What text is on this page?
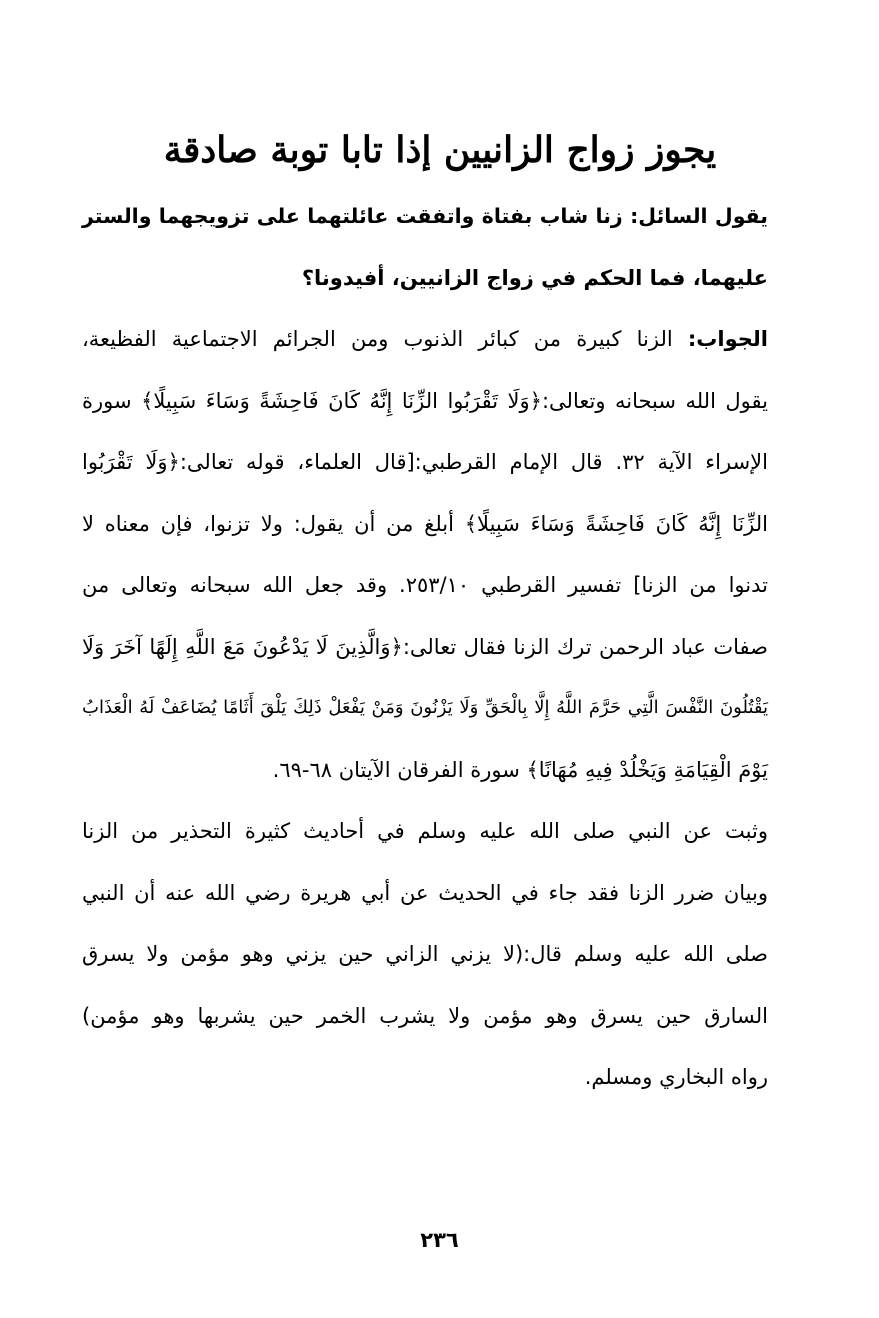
يجوز زواج الزانيين إذا تابا توبة صادقة
يقول السائل: زنا شاب بفتاة واتفقت عائلتهما على تزويجهما والستر
عليهما، فما الحكم في زواج الزانيين، أفيدونا؟
الجواب: الزنا كبيرة من كبائر الذنوب ومن الجرائم الاجتماعية الفظيعة،
يقول الله سبحانه وتعالى:﴿وَلَا تَقْرَبُوا الزِّنَا إِنَّهُ كَانَ فَاحِشَةً وَسَاءَ سَبِيلًا﴾ سورة
الإسراء الآية ٣٢. قال الإمام القرطبي:[قال العلماء، قوله تعالى:﴿وَلَا تَقْرَبُوا
الزِّنَا إِنَّهُ كَانَ فَاحِشَةً وَسَاءَ سَبِيلًا﴾ أبلغ من أن يقول: ولا تزنوا، فإن معناه لا
تدنوا من الزنا] تفسير القرطبي ٢٥٣/١٠. وقد جعل الله سبحانه وتعالى من
صفات عباد الرحمن ترك الزنا فقال تعالى:﴿وَالَّذِينَ لَا يَدْعُونَ مَعَ اللَّهِ إِلَهًا آخَرَ وَلَا
يَقْتُلُونَ النَّفْسَ الَّتِي حَرَّمَ اللَّهُ إِلَّا بِالْحَقِّ وَلَا يَزْنُونَ وَمَنْ يَفْعَلْ ذَلِكَ يَلْقَ أَثَامًا يُضَاعَفْ لَهُ الْعَذَابُ
يَوْمَ الْقِيَامَةِ وَيَخْلُدْ فِيهِ مُهَانًا﴾ سورة الفرقان الآيتان ٦٨-٦٩.
وثبت عن النبي صلى الله عليه وسلم في أحاديث كثيرة التحذير من الزنا
وبيان ضرر الزنا فقد جاء في الحديث عن أبي هريرة رضي الله عنه أن النبي
صلى الله عليه وسلم قال:(لا يزني الزاني حين يزني وهو مؤمن ولا يسرق
السارق حين يسرق وهو مؤمن ولا يشرب الخمر حين يشربها وهو مؤمن)
رواه البخاري ومسلم.
٢٣٦
